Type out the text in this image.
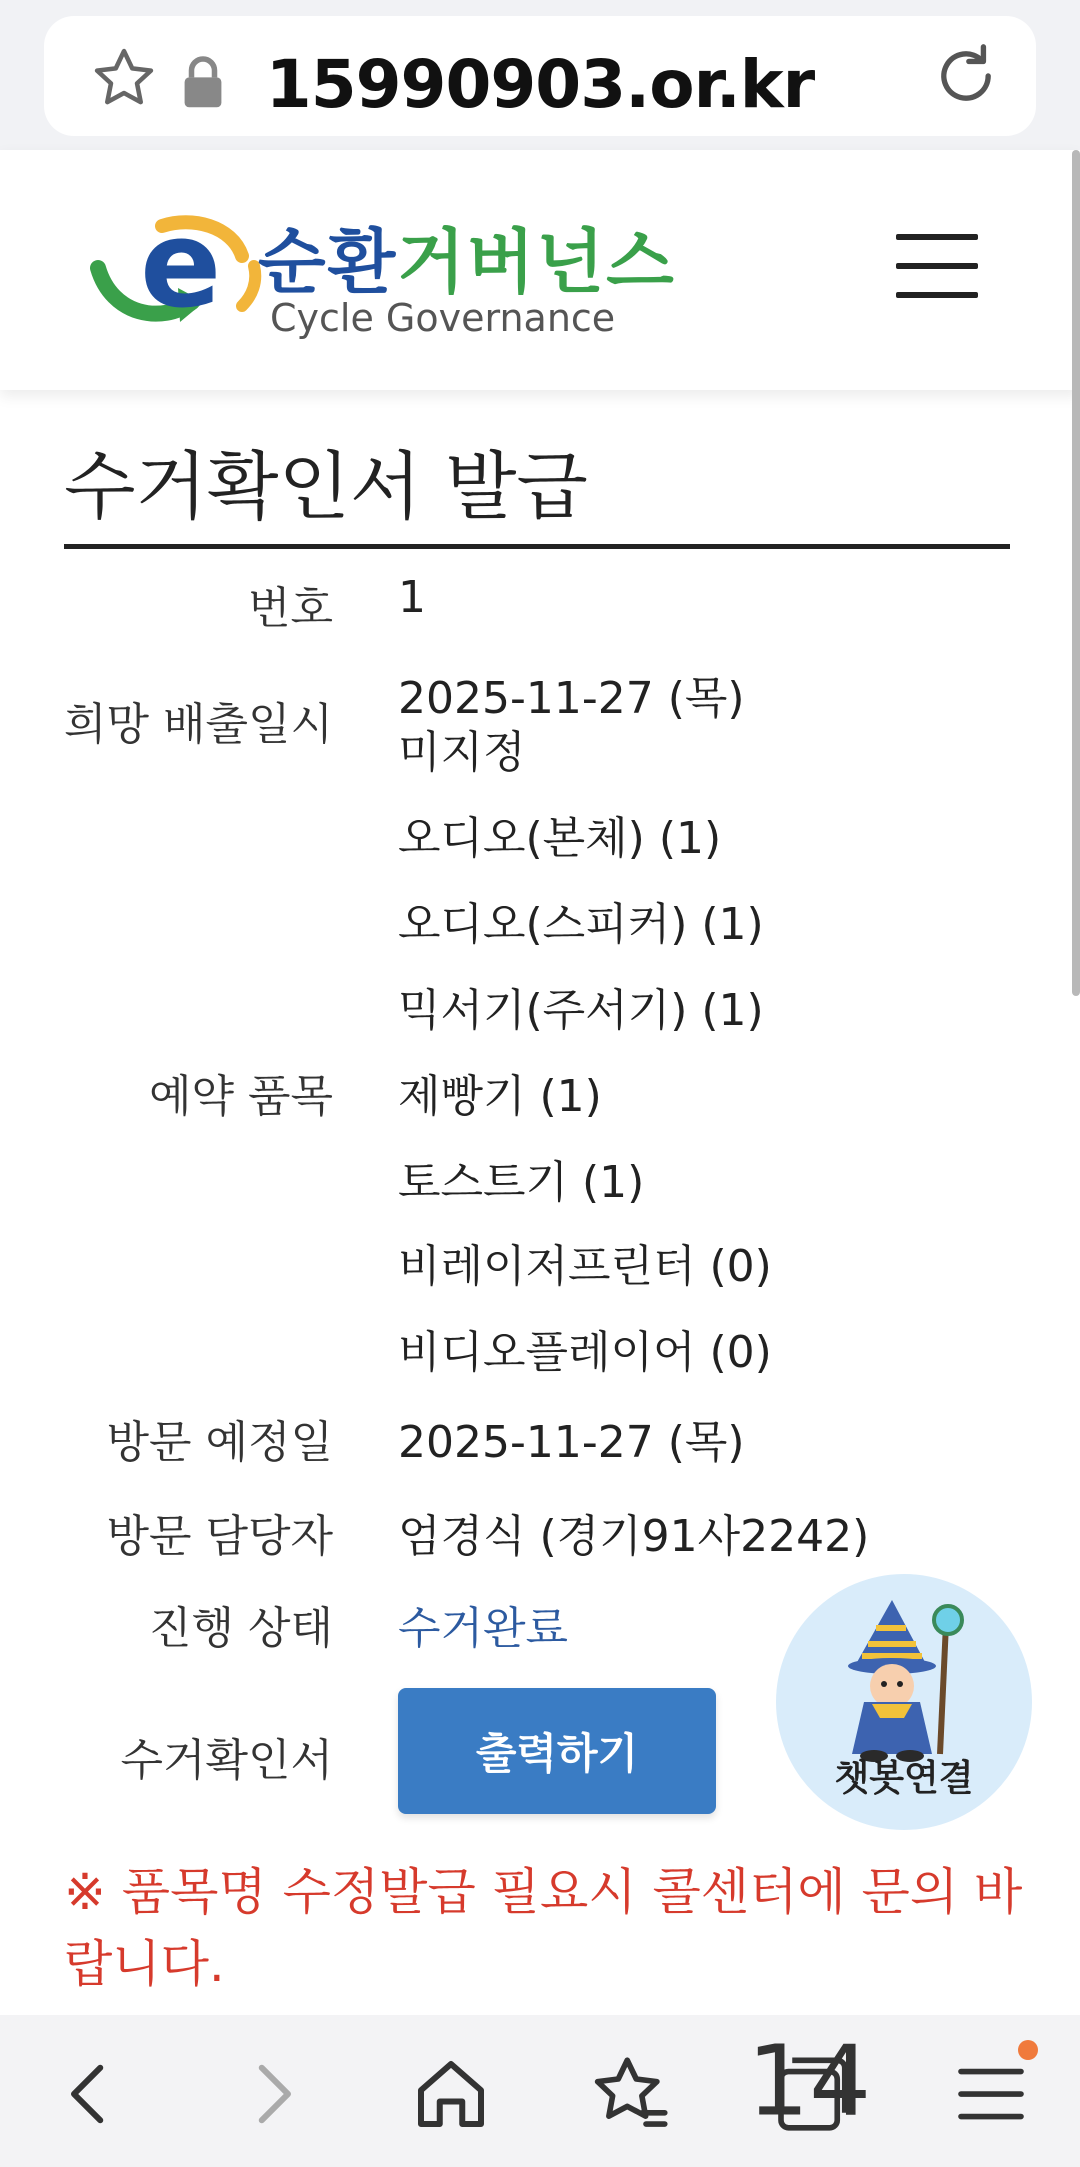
15990903.or.kr
e 순환거버넌스
Cycle Governance
수거확인서 발급
번호 1
희망 배출일시
2025-11-27 (목)
미지정
오디오(본체) (1)
오디오(스피커) (1)
믹서기(주서기) (1)
예약 품목 제빵기 (1)
토스트기 (1)
비레이저프린터 (0)
비디오플레이어 (0)
방문 예정일 2025-11-27 (목)
방문 담당자 엄경식 (경기91사2242)
진행 상태 수거완료
수거확인서	출력하기
※ 품목명 수정발급 필요시 콜센터에 문의 바랍니다.
챗봇연결
14
